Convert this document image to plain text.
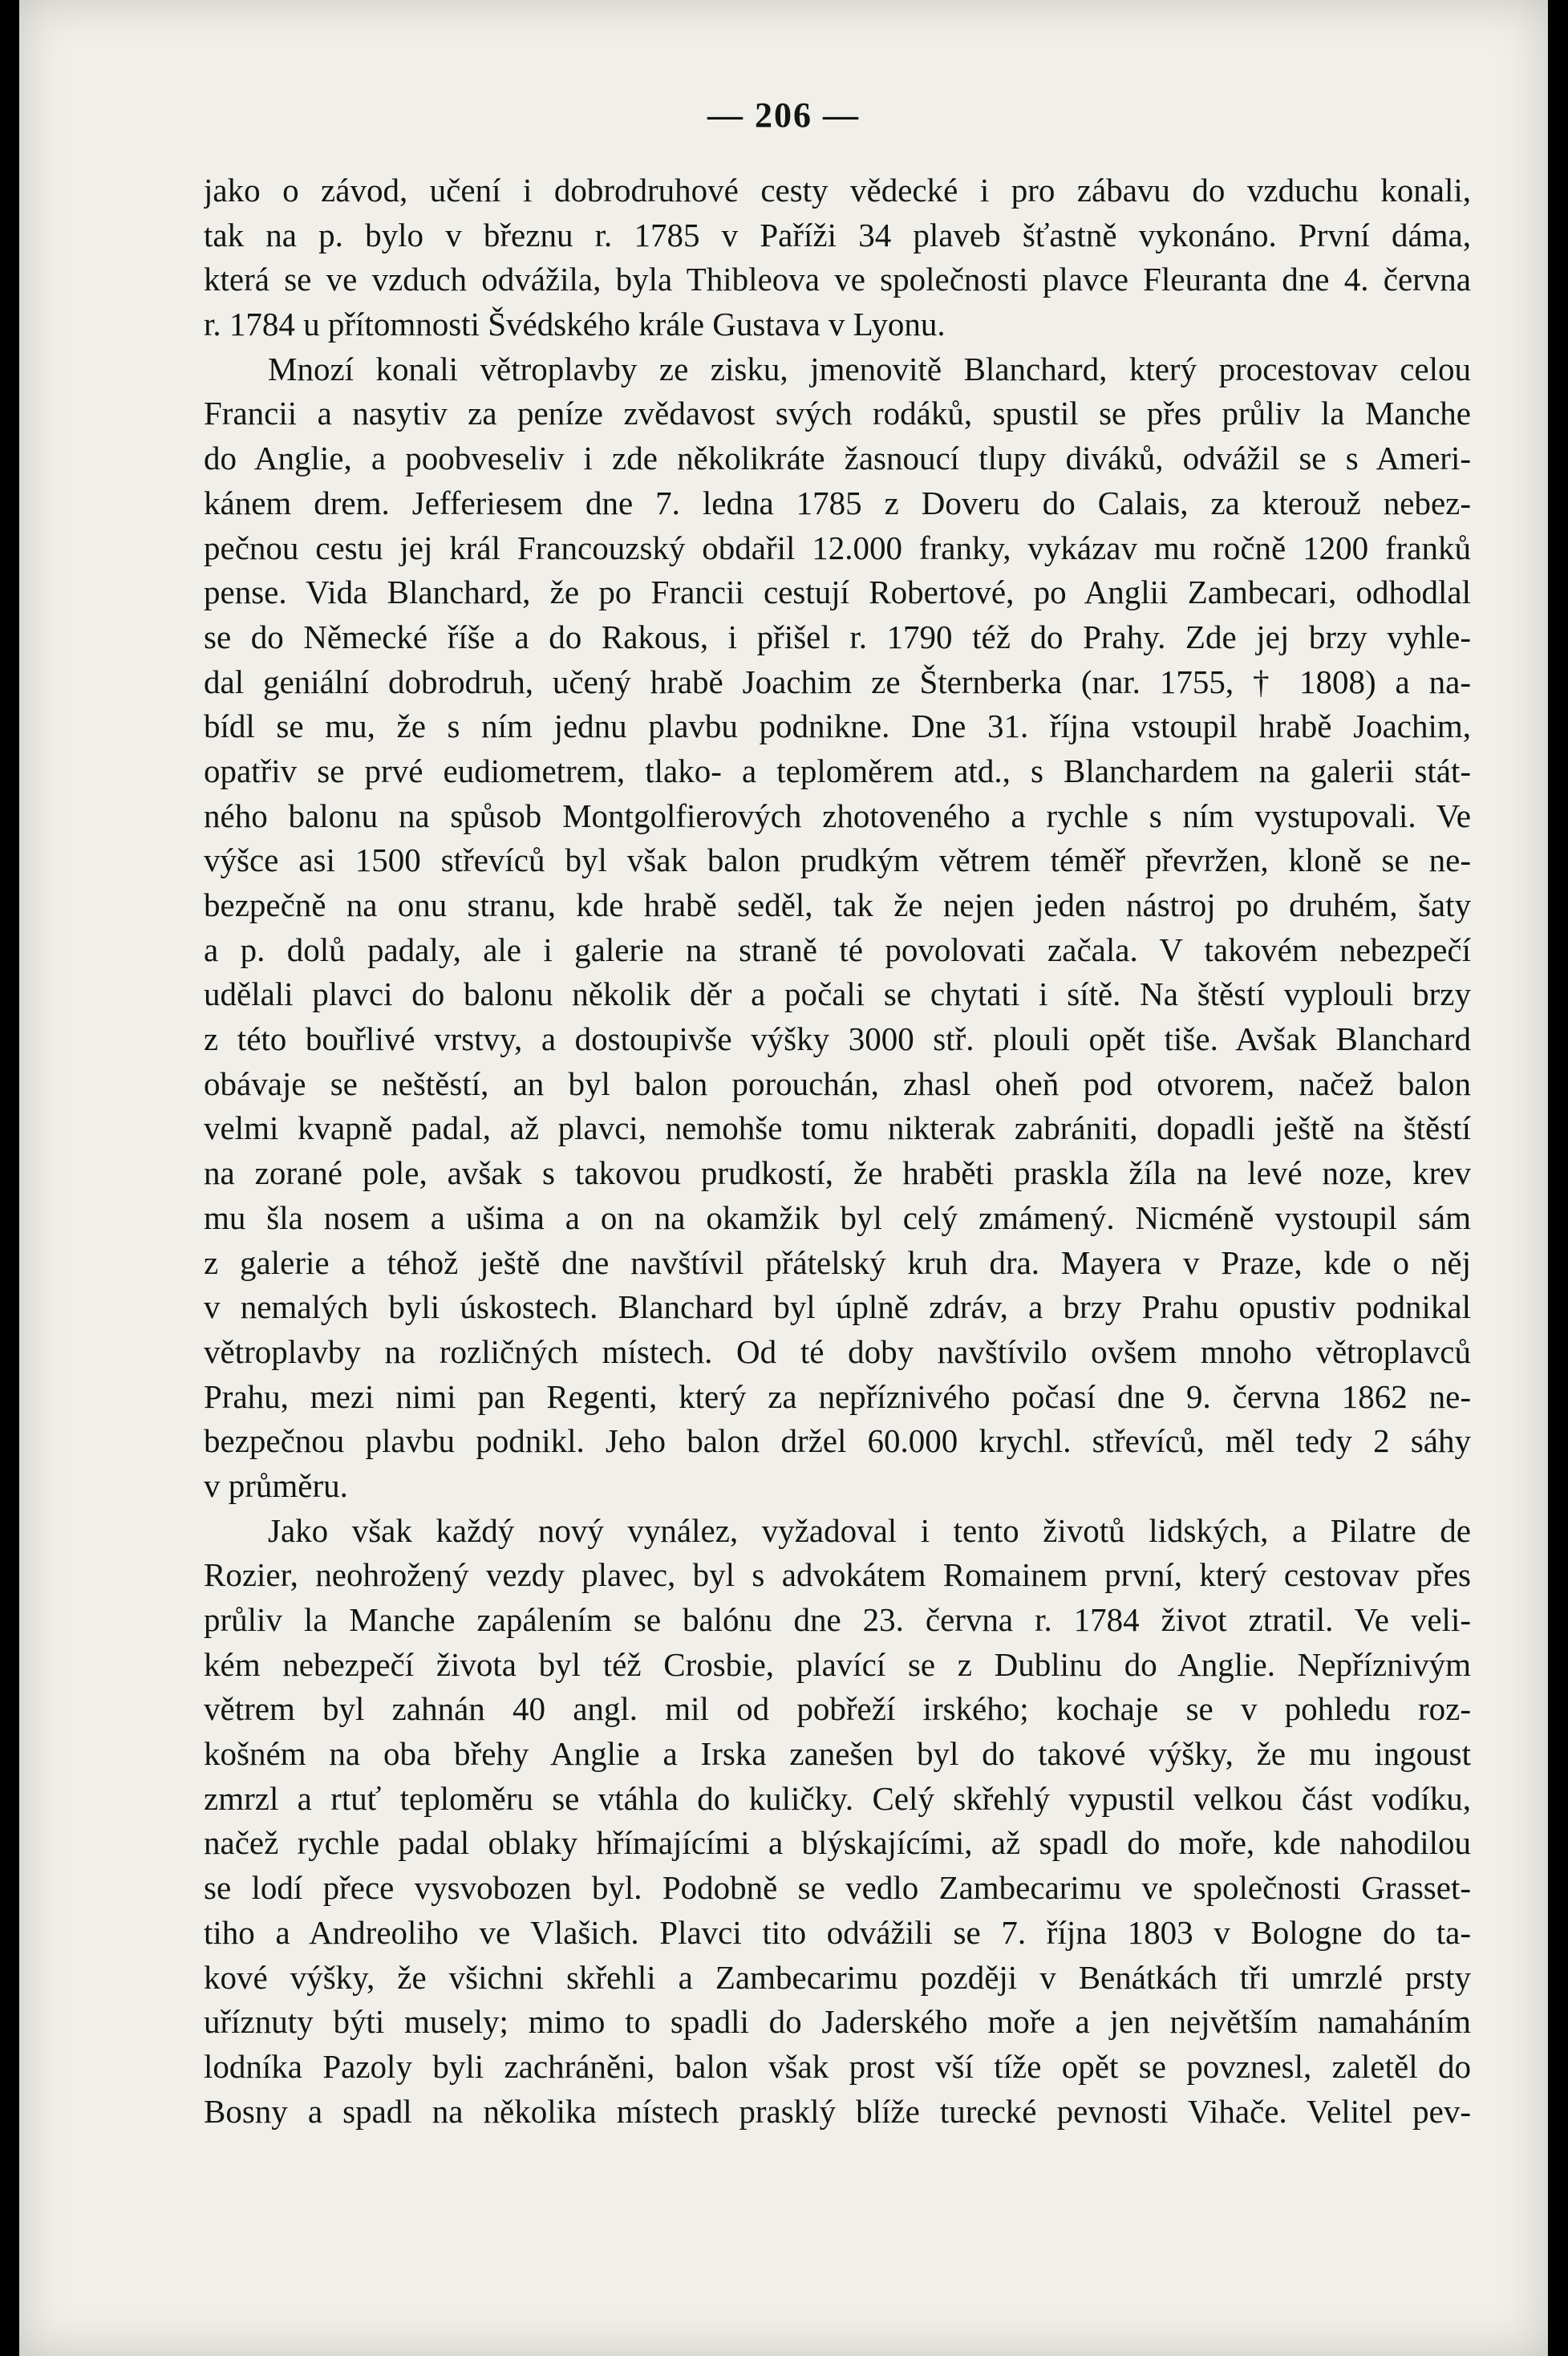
— 206 —
jako o závod, učení i dobrodruhové cesty vědecké i pro zábavu do vzduchu konali,
tak na p. bylo v březnu r. 1785 v Paříži 34 plaveb šťastně vykonáno. První dáma,
která se ve vzduch odvážila, byla Thibleova ve společnosti plavce Fleuranta dne 4. června
r. 1784 u přítomnosti Švédského krále Gustava v Lyonu.
Mnozí konali větroplavby ze zisku, jmenovitě Blanchard, který procestovav celou
Francii a nasytiv za peníze zvědavost svých rodáků, spustil se přes průliv la Manche
do Anglie, a poobveseliv i zde několikráte žasnoucí tlupy diváků, odvážil se s Ameri-
kánem drem. Jefferiesem dne 7. ledna 1785 z Doveru do Calais, za kterouž nebez-
pečnou cestu jej král Francouzský obdařil 12.000 franky, vykázav mu ročně 1200 franků
pense. Vida Blanchard, že po Francii cestují Robertové, po Anglii Zambecari, odhodlal
se do Německé říše a do Rakous, i přišel r. 1790 též do Prahy. Zde jej brzy vyhle-
dal geniální dobrodruh, učený hrabě Joachim ze Šternberka (nar. 1755, † 1808) a na-
bídl se mu, že s ním jednu plavbu podnikne. Dne 31. října vstoupil hrabě Joachim,
opatřiv se prvé eudiometrem, tlako- a teploměrem atd., s Blanchardem na galerii stát-
ného balonu na spůsob Montgolfierových zhotoveného a rychle s ním vystupovali. Ve
výšce asi 1500 střevíců byl však balon prudkým větrem téměř převržen, kloně se ne-
bezpečně na onu stranu, kde hrabě seděl, tak že nejen jeden nástroj po druhém, šaty
a p. dolů padaly, ale i galerie na straně té povolovati začala. V takovém nebezpečí
udělali plavci do balonu několik děr a počali se chytati i sítě. Na štěstí vyplouli brzy
z této bouřlivé vrstvy, a dostoupivše výšky 3000 stř. plouli opět tiše. Avšak Blanchard
obávaje se neštěstí, an byl balon porouchán, zhasl oheň pod otvorem, načež balon
velmi kvapně padal, až plavci, nemohše tomu nikterak zabrániti, dopadli ještě na štěstí
na zorané pole, avšak s takovou prudkostí, že hraběti praskla žíla na levé noze, krev
mu šla nosem a ušima a on na okamžik byl celý zmámený. Nicméně vystoupil sám
z galerie a téhož ještě dne navštívil přátelský kruh dra. Mayera v Praze, kde o něj
v nemalých byli úskostech. Blanchard byl úplně zdráv, a brzy Prahu opustiv podnikal
větroplavby na rozličných místech. Od té doby navštívilo ovšem mnoho větroplavců
Prahu, mezi nimi pan Regenti, který za nepříznivého počasí dne 9. června 1862 ne-
bezpečnou plavbu podnikl. Jeho balon držel 60.000 krychl. střevíců, měl tedy 2 sáhy
v průměru.
Jako však každý nový vynález, vyžadoval i tento životů lidských, a Pilatre de
Rozier, neohrožený vezdy plavec, byl s advokátem Romainem první, který cestovav přes
průliv la Manche zapálením se balónu dne 23. června r. 1784 život ztratil. Ve veli-
kém nebezpečí života byl též Crosbie, plavící se z Dublinu do Anglie. Nepříznivým
větrem byl zahnán 40 angl. mil od pobřeží irského; kochaje se v pohledu roz-
košném na oba břehy Anglie a Irska zanešen byl do takové výšky, že mu ingoust
zmrzl a rtuť teploměru se vtáhla do kuličky. Celý skřehlý vypustil velkou část vodíku,
načež rychle padal oblaky hřímajícími a blýskajícími, až spadl do moře, kde nahodilou
se lodí přece vysvobozen byl. Podobně se vedlo Zambecarimu ve společnosti Grasset-
tiho a Andreoliho ve Vlašich. Plavci tito odvážili se 7. října 1803 v Bologne do ta-
kové výšky, že všichni skřehli a Zambecarimu později v Benátkách tři umrzlé prsty
uříznuty býti musely; mimo to spadli do Jaderského moře a jen největším namaháním
lodníka Pazoly byli zachráněni, balon však prost vší tíže opět se povznesl, zaletěl do
Bosny a spadl na několika místech prasklý blíže turecké pevnosti Vihače. Velitel pev-
